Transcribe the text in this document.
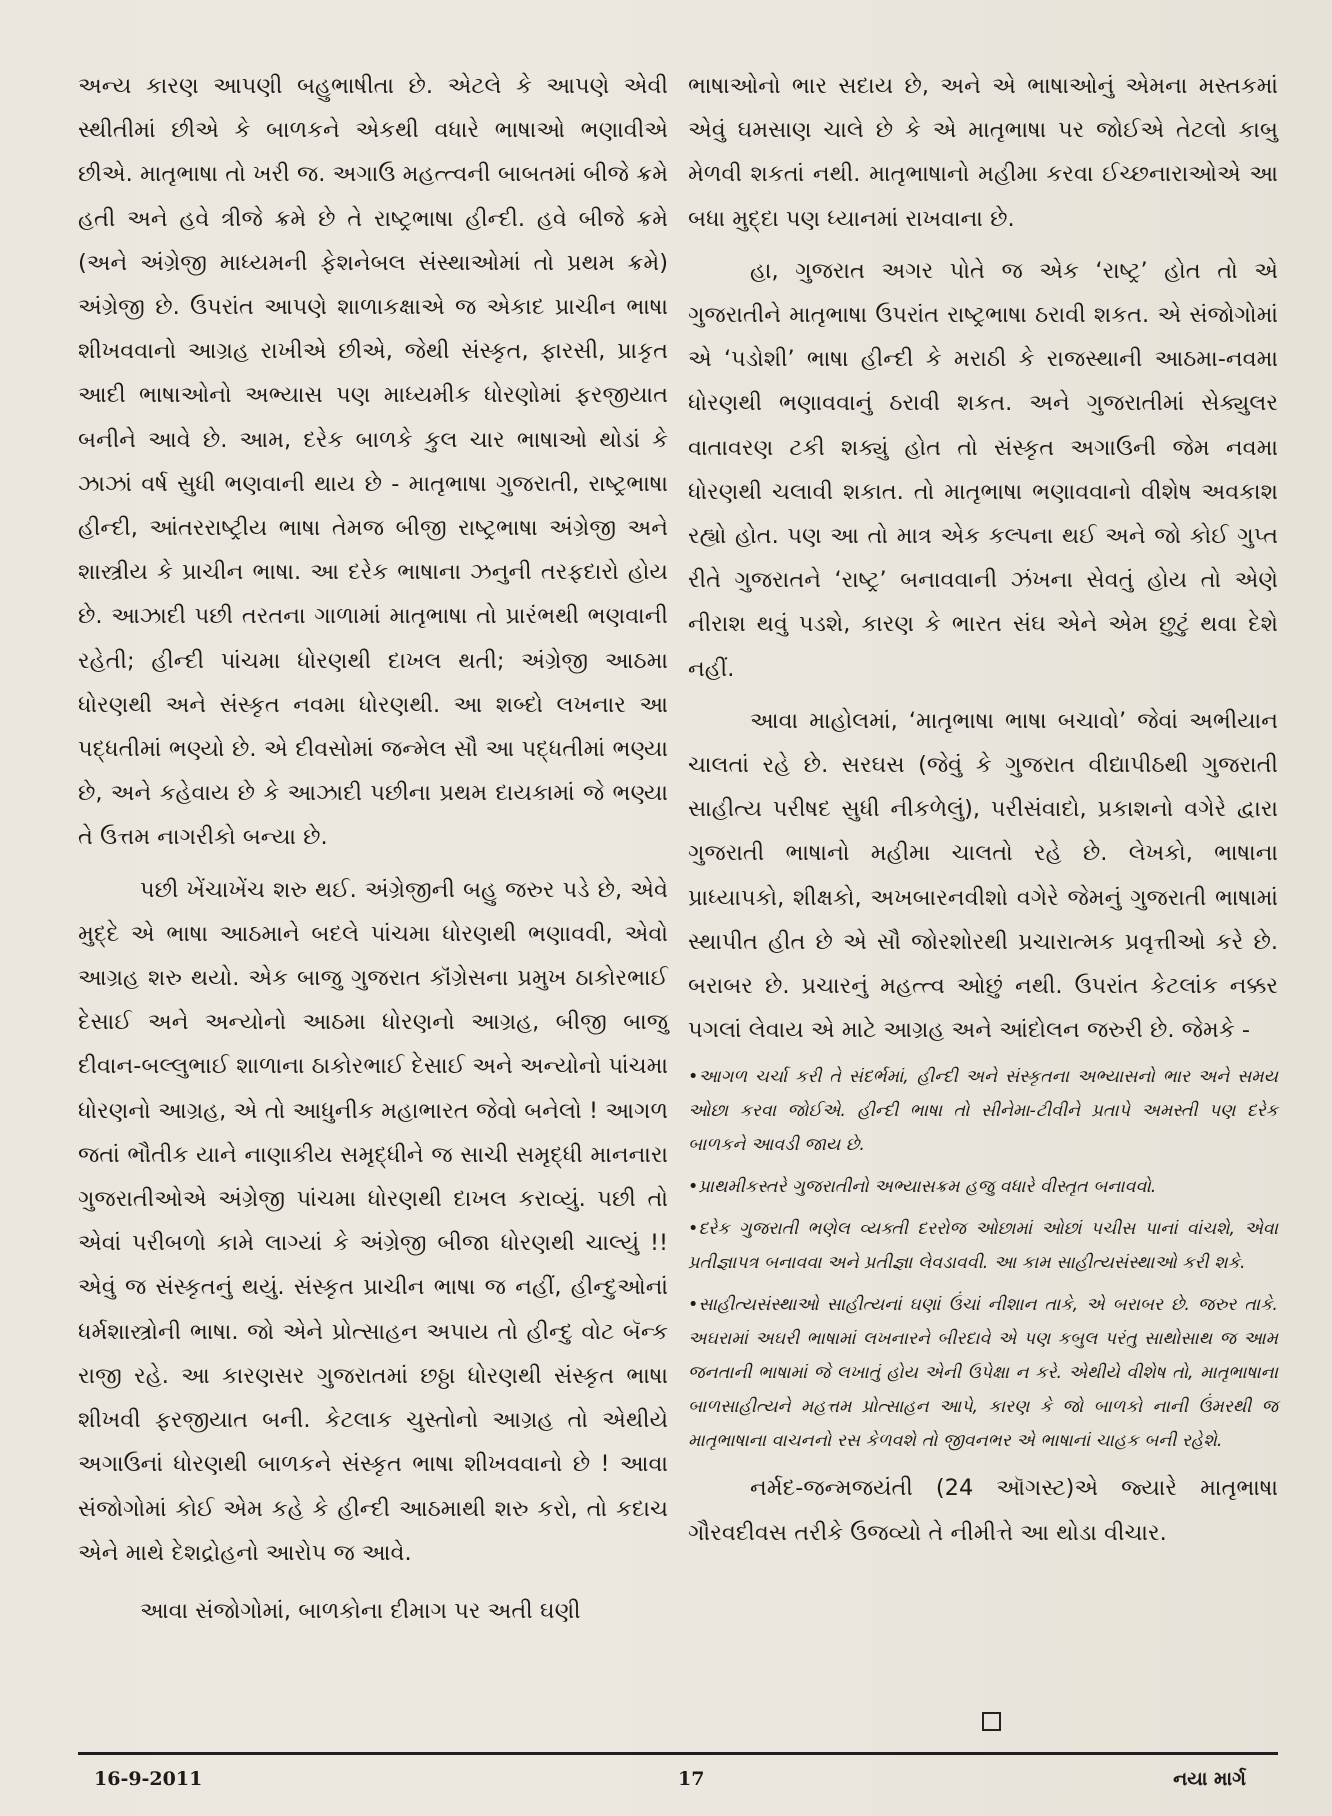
અન્ય કારણ આપણી બહુભાષીતા છે. એટલે કે આપણે એવી સ્થીતીમાં છીએ કે બાળકને એકથી વધારે ભાષાઓ ભણાવીએ છીએ. માતૃભાષા તો ખરી જ. અગાઉ મહત્ત્વની બાબતમાં બીજે ક્રમે હતી અને હવે ત્રીજે ક્રમે છે તે રાષ્ટ્રભાષા હીન્દી. હવે બીજે ક્રમે (અને અંગ્રેજી માધ્યમની ફેશનેબલ સંસ્થાઓમાં તો પ્રથમ ક્રમે) અંગ્રેજી છે. ઉપરાંત આપણે શાળાકક્ષાએ જ એકાદ પ્રાચીન ભાષા શીખવવાનો આગ્રહ રાખીએ છીએ, જેથી સંસ્કૃત, ફારસી, પ્રાકૃત આદી ભાષાઓનો અભ્યાસ પણ માધ્યમીક ધોરણોમાં ફરજીયાત બનીને આવે છે. આમ, દરેક બાળકે કુલ ચાર ભાષાઓ થોડાં કે ઝાઝાં વર્ષ સુધી ભણવાની થાય છે - માતૃભાષા ગુજરાતી, રાષ્ટ્રભાષા હીન્દી, આંતરરાષ્ટ્રીય ભાષા તેમજ બીજી રાષ્ટ્રભાષા અંગ્રેજી અને શાસ્ત્રીય કે પ્રાચીન ભાષા. આ દરેક ભાષાના ઝનુની તરફદારો હોય છે. આઝાદી પછી તરતના ગાળામાં માતૃભાષા તો પ્રારંભથી ભણવાની રહેતી; હીન્દી પાંચમા ધોરણથી દાખલ થતી; અંગ્રેજી આઠમા ધોરણથી અને સંસ્કૃત નવમા ધોરણથી. આ શબ્દો લખનાર આ પદ્ધતીમાં ભણ્યો છે. એ દીવસોમાં જન્મેલ સૌ આ પદ્ધતીમાં ભણ્યા છે, અને કહેવાય છે કે આઝાદી પછીના પ્રથમ દાયકામાં જે ભણ્યા તે ઉત્તમ નાગરીકો બન્યા છે.

પછી ખેંચાખેંચ શરુ થઈ. અંગ્રેજીની બહુ જરુર પડે છે, એવે મુદ્દે એ ભાષા આઠમાને બદલે પાંચમા ધોરણથી ભણાવવી, એવો આગ્રહ શરુ થયો. એક બાજુ ગુજરાત કૉંગ્રેસના પ્રમુખ ઠાકોરભાઈ દેસાઈ અને અન્યોનો આઠમા ધોરણનો આગ્રહ, બીજી બાજુ દીવાન-બલ્લુભાઈ શાળાના ઠાકોરભાઈ દેસાઈ અને અન્યોનો પાંચમા ધોરણનો આગ્રહ, એ તો આધુનીક મહાભારત જેવો બનેલો ! આગળ જતાં ભૌતીક યાને નાણાકીય સમૃદ્ધીને જ સાચી સમૃદ્ધી માનનારા ગુજરાતીઓએ અંગ્રેજી પાંચમા ધોરણથી દાખલ કરાવ્યું. પછી તો એવાં પરીબળો કામે લાગ્યાં કે અંગ્રેજી બીજા ધોરણથી ચાલ્યું !! એવું જ સંસ્કૃતનું થયું. સંસ્કૃત પ્રાચીન ભાષા જ નહીં, હીન્દુઓનાં ધર્મશાસ્ત્રોની ભાષા. જો એને પ્રોત્સાહન અપાય તો હીન્દુ વોટ બૅન્ક રાજી રહે. આ કારણસર ગુજરાતમાં છઠ્ઠા ધોરણથી સંસ્કૃત ભાષા શીખવી ફરજીયાત બની. કેટલાક ચુસ્તોનો આગ્રહ તો એથીયે અગાઉનાં ધોરણથી બાળકને સંસ્કૃત ભાષા શીખવવાનો છે ! આવા સંજોગોમાં કોઈ એમ કહે કે હીન્દી આઠમાથી શરુ કરો, તો કદાચ એને માથે દેશદ્રોહનો આરોપ જ આવે.

આવા સંજોગોમાં, બાળકોના દીમાગ પર અતી ઘણી

ભાષાઓનો ભાર સદાય છે, અને એ ભાષાઓનું એમના મસ્તકમાં એવું ઘમસાણ ચાલે છે કે એ માતૃભાષા પર જોઈએ તેટલો કાબુ મેળવી શકતાં નથી. માતૃભાષાનો મહીમા કરવા ઈચ્છનારાઓએ આ બધા મુદ્દા પણ ધ્યાનમાં રાખવાના છે.

હા, ગુજરાત અગર પોતે જ એક ‘રાષ્ટ્ર’ હોત તો એ ગુજરાતીને માતૃભાષા ઉપરાંત રાષ્ટ્રભાષા ઠરાવી શકત. એ સંજોગોમાં એ ‘પડોશી’ ભાષા હીન્દી કે મરાઠી કે રાજસ્થાની આઠમા-નવમા ધોરણથી ભણાવવાનું ઠરાવી શકત. અને ગુજરાતીમાં સેક્યુલર વાતાવરણ ટકી શક્યું હોત તો સંસ્કૃત અગાઉની જેમ નવમા ધોરણથી ચલાવી શકાત. તો માતૃભાષા ભણાવવાનો વીશેષ અવકાશ રહ્યો હોત. પણ આ તો માત્ર એક કલ્પના થઈ અને જો કોઈ ગુપ્ત રીતે ગુજરાતને ‘રાષ્ટ્ર’ બનાવવાની ઝંખના સેવતું હોય તો એણે નીરાશ થવું પડશે, કારણ કે ભારત સંઘ એને એમ છુટું થવા દેશે નહીં.

આવા માહોલમાં, ‘માતૃભાષા ભાષા બચાવો’ જેવાં અભીયાન ચાલતાં રહે છે. સરઘસ (જેવું કે ગુજરાત વીદ્યાપીઠથી ગુજરાતી સાહીત્ય પરીષદ સુધી નીકળેલું), પરીસંવાદો, પ્રકાશનો વગેરે દ્વારા ગુજરાતી ભાષાનો મહીમા ચાલતો રહે છે. લેખકો, ભાષાના પ્રાધ્યાપકો, શીક્ષકો, અખબારનવીશો વગેરે જેમનું ગુજરાતી ભાષામાં સ્થાપીત હીત છે એ સૌ જોરશોરથી પ્રચારાત્મક પ્રવૃત્તીઓ કરે છે. બરાબર છે. પ્રચારનું મહત્ત્વ ઓછું નથી. ઉપરાંત કેટલાંક નક્કર પગલાં લેવાય એ માટે આગ્રહ અને આંદોલન જરુરી છે. જેમકે -

• આગળ ચર્ચા કરી તે સંદર્ભમાં, હીન્દી અને સંસ્કૃતના અભ્યાસનો ભાર અને સમય ઓછા કરવા જોઈએ. હીન્દી ભાષા તો સીનેમા-ટીવીને પ્રતાપે અમસ્તી પણ દરેક બાળકને આવડી જાય છે.
• પ્રાથમીકસ્તરે ગુજરાતીનો અભ્યાસક્રમ હજુ વધારે વીસ્તૃત બનાવવો.
• દરેક ગુજરાતી ભણેલ વ્યક્તી દરરોજ ઓછામાં ઓછાં પચીસ પાનાં વાંચશે, એવા પ્રતીજ્ઞાપત્ર બનાવવા અને પ્રતીજ્ઞા લેવડાવવી. આ કામ સાહીત્યસંસ્થાઓ કરી શકે.
• સાહીત્યસંસ્થાઓ સાહીત્યનાં ઘણાં ઉંચાં નીશાન તાકે, એ બરાબર છે. જરુર તાકે. અઘરામાં અઘરી ભાષામાં લખનારને બીરદાવે એ પણ કબુલ પરંતુ સાથોસાથ જ આમ જનતાની ભાષામાં જે લખાતું હોય એની ઉપેક્ષા ન કરે. એથીયે વીશેષ તો, માતૃભાષાના બાળસાહીત્યને મહત્તમ પ્રોત્સાહન આપે, કારણ કે જો બાળકો નાની ઉંમરથી જ માતૃભાષાના વાચનનો રસ કેળવશે તો જીવનભર એ ભાષાનાં ચાહક બની રહેશે.

નર્મદ-જન્મજયંતી (24 ઑગસ્ટ)એ જ્યારે માતૃભાષા ગૌરવદીવસ તરીકે ઉજવ્યો તે નીમીત્તે આ થોડા વીચાર.

16-9-2011	17	નયા માર્ગ
